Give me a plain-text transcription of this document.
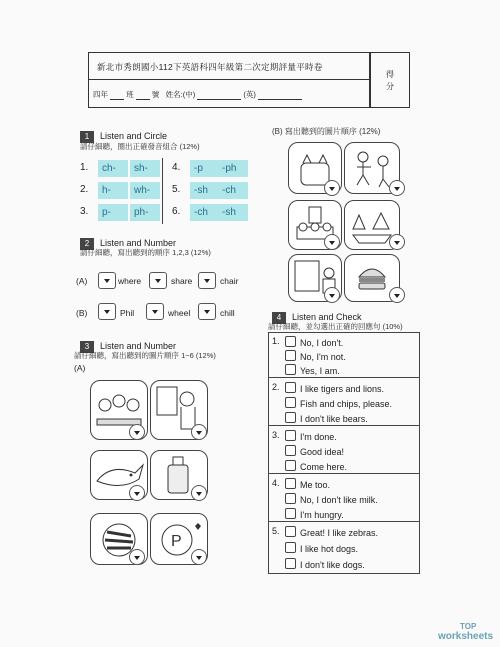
新北市秀朗國小112下英語科四年級第二次定期評量平時卷
四年 班 號 姓名:(中)	(英)
得
分
1 Listen and Circle
請仔細聽，圈出正確發音組合 (12%)
1.	ch-	sh-
2.	h-	wh-
3.	p-	ph-
4.	-p	-ph
5.	-sh	-ch
6.	-ch	-sh
2 Listen and Number
請仔細聽，寫出聽到的順序 1,2,3 (12%)
(A)	where	share	chair
(B)	Phil	wheel	chill
3 Listen and Number
請仔細聽，寫出聽到的圖片順序 1~6 (12%)
(A)
P
(B) 寫出聽到的圖片順序 (12%)
4 Listen and Check
請仔細聽，並勾選出正確的回應句 (10%)
1.	No, I don't.
No, I'm not.
Yes, I am.
2.	I like tigers and lions.
Fish and chips, please.
I don't like bears.
3.	I'm done.
Good idea!
Come here.
4.	Me too.
No, I don't like milk.
I'm hungry.
5.	Great! I like zebras.
I like hot dogs.
I don't like dogs.
TOP
worksheets
